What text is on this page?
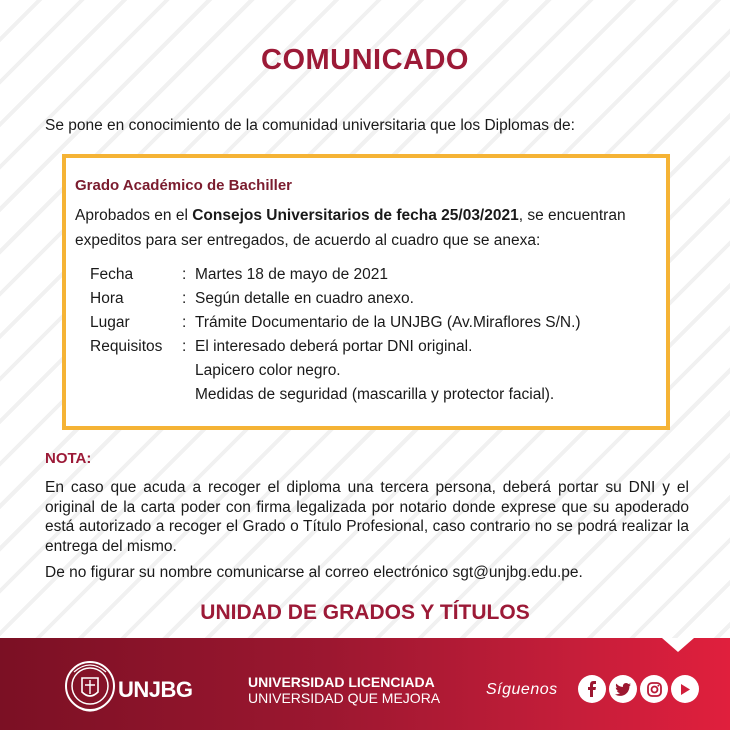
COMUNICADO
Se pone en conocimiento de la comunidad universitaria que los Diplomas de:
Grado Académico de Bachiller
Aprobados en el Consejos Universitarios de fecha 25/03/2021, se encuentran expeditos para ser entregados, de acuerdo al cuadro que se anexa:
Fecha	: Martes 18 de mayo de 2021
Hora	: Según detalle en cuadro anexo.
Lugar	: Trámite Documentario de la UNJBG (Av.Miraflores S/N.)
Requisitos	: El interesado deberá portar DNI original.
Lapicero color negro.
Medidas de seguridad (mascarilla y protector facial).
NOTA:
En caso que acuda a recoger el diploma una tercera persona, deberá portar su DNI y el original de la carta poder con firma legalizada por notario donde exprese que su apoderado está autorizado a recoger el Grado o Título Profesional, caso contrario no se podrá realizar la entrega del mismo.
De no figurar su nombre comunicarse al correo electrónico sgt@unjbg.edu.pe.
UNIDAD DE GRADOS Y TÍTULOS
UNJBG	UNIVERSIDAD LICENCIADA
UNIVERSIDAD QUE MEJORA	Síguenos
